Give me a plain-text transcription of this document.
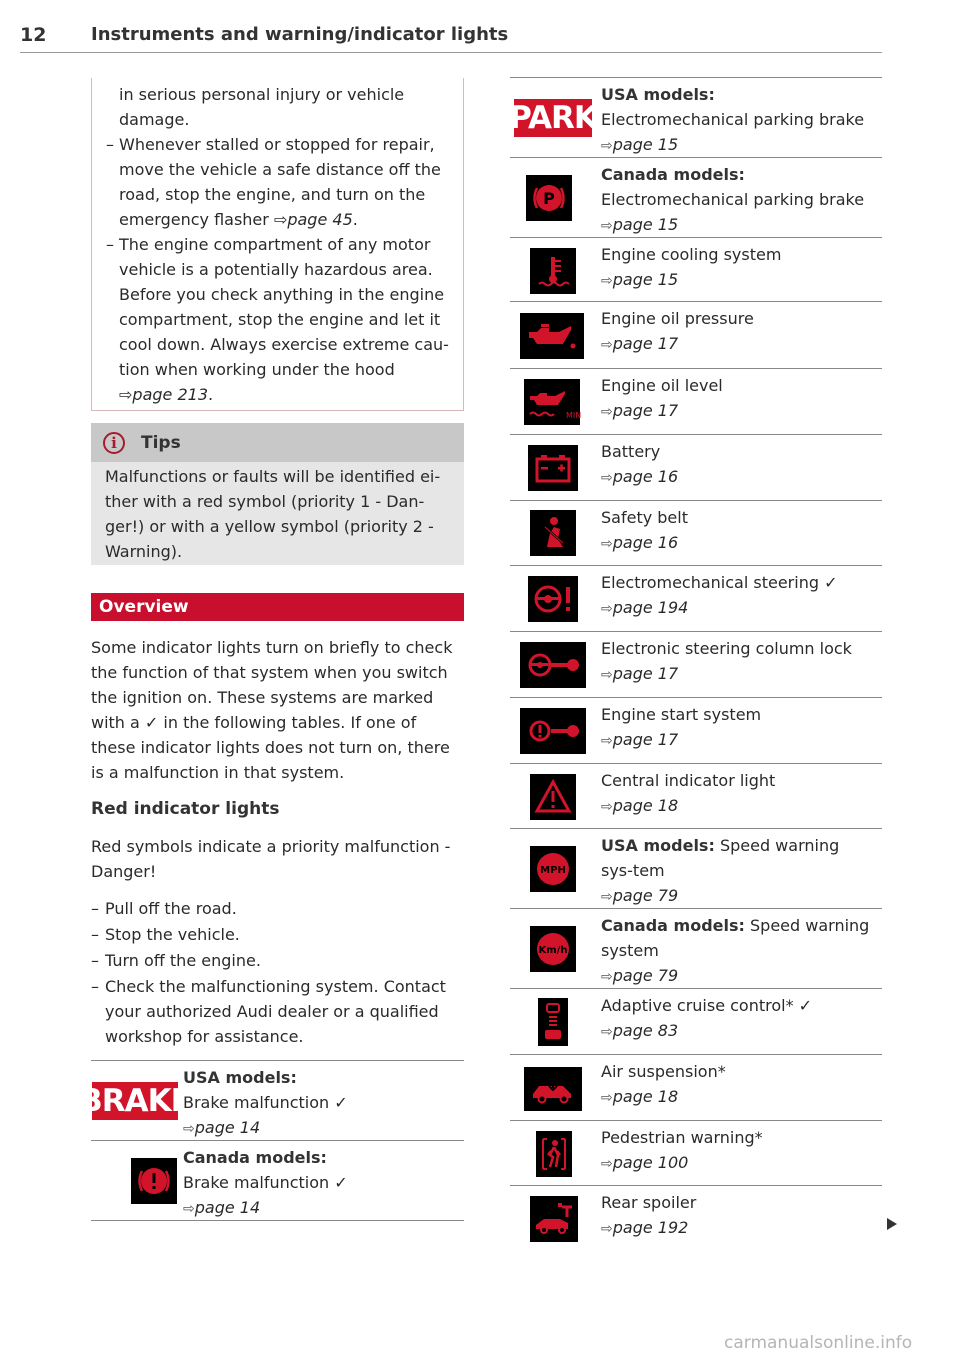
12 Instruments and warning/indicator lights

in serious personal injury or vehicle damage.

– Whenever stalled or stopped for repair, move the vehicle a safe distance off the road, stop the engine, and turn on the emergency flasher ⇨page 45.

– The engine compartment of any motor vehicle is a potentially hazardous area. Before you check anything in the engine compartment, stop the engine and let it cool down. Always exercise extreme cau-tion when working under the hood ⇨page 213.

i	Tips
Malfunctions or faults will be identified ei-ther with a red symbol (priority 1 - Dan-ger!) or with a yellow symbol (priority 2 - Warning).
Overview
Some indicator lights turn on briefly to check the function of that system when you switch the ignition on. These systems are marked with a ✓ in the following tables. If one of these indicator lights does not turn on, there is a malfunction in that system.
Red indicator lights
Red symbols indicate a priority malfunction - Danger!
– Pull off the road.
– Stop the vehicle.
– Turn off the engine.
– Check the malfunctioning system. Contact your authorized Audi dealer or a qualified workshop for assistance.
BRAKE
USA models:
Brake malfunction ✓
⇨page 14
Canada models:
Brake malfunction ✓
⇨page 14
PARK
USA models:
Electromechanical parking brake
⇨page 15
P
Canada models:
Electromechanical parking brake
⇨page 15
Engine cooling system
⇨page 15
Engine oil pressure
⇨page 17
MIN
Engine oil level
⇨page 17
Battery
⇨page 16
Safety belt
⇨page 16
Electromechanical steering ✓
⇨page 194
Electronic steering column lock
⇨page 17
Engine start system
⇨page 17
Central indicator light
⇨page 18
MPH
USA models: Speed warning sys-tem
⇨page 79
Km/h
Canada models: Speed warning system
⇨page 79
Adaptive cruise control* ✓
⇨page 83
Air suspension*
⇨page 18
Pedestrian warning*
⇨page 100
Rear spoiler
⇨page 192
carmanualsonline.info
